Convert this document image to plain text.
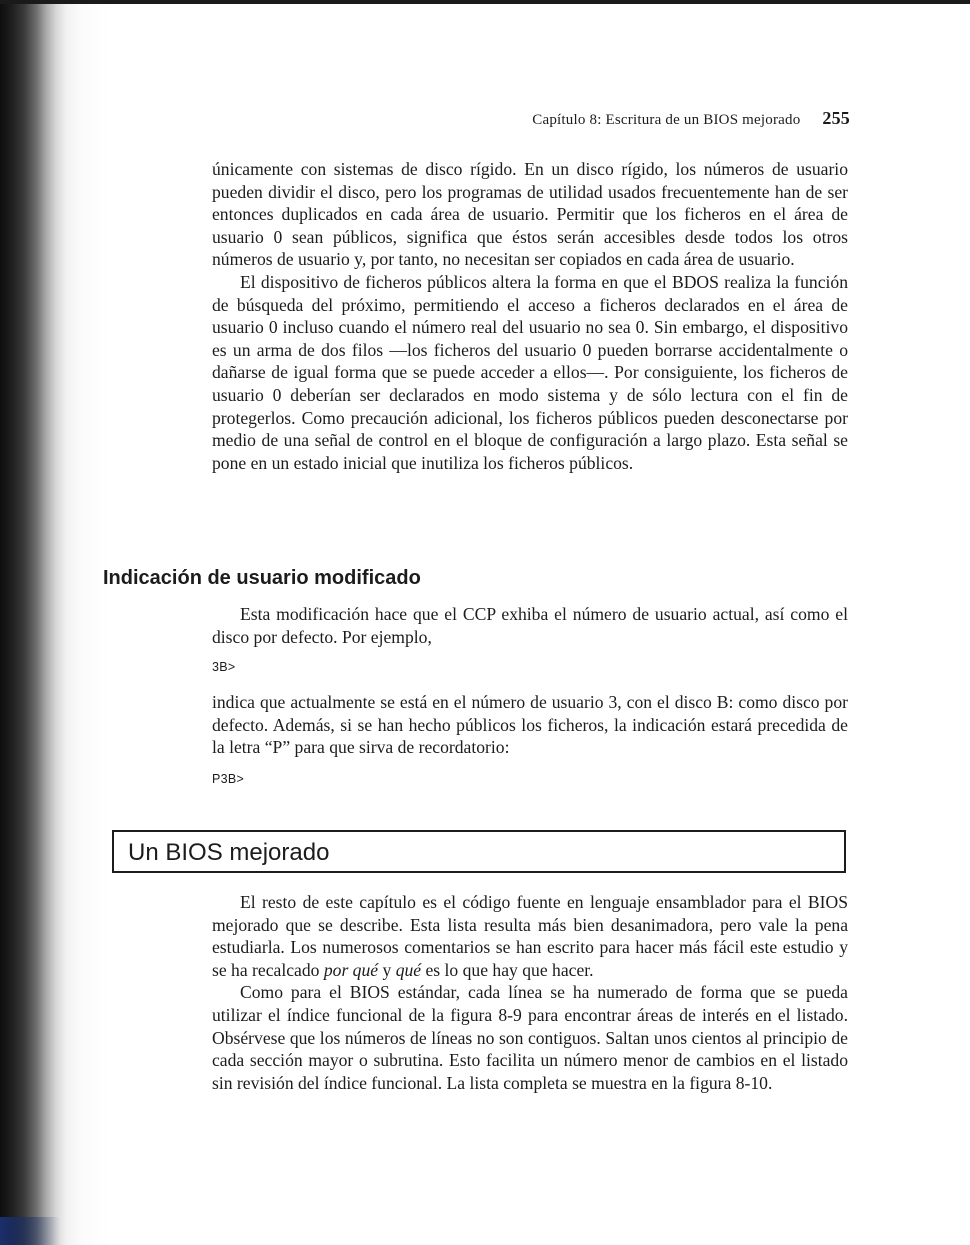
Capítulo 8: Escritura de un BIOS mejorado 255

únicamente con sistemas de disco rígido. En un disco rígido, los números de usuario pueden dividir el disco, pero los programas de utilidad usados frecuentemente han de ser entonces duplicados en cada área de usuario. Permitir que los ficheros en el área de usuario 0 sean públicos, significa que éstos serán accesibles desde todos los otros números de usuario y, por tanto, no necesitan ser copiados en cada área de usuario.

El dispositivo de ficheros públicos altera la forma en que el BDOS realiza la función de búsqueda del próximo, permitiendo el acceso a ficheros declarados en el área de usuario 0 incluso cuando el número real del usuario no sea 0. Sin embargo, el dispositivo es un arma de dos filos —los ficheros del usuario 0 pueden borrarse accidentalmente o dañarse de igual forma que se puede acceder a ellos—. Por consiguiente, los ficheros de usuario 0 deberían ser declarados en modo sistema y de sólo lectura con el fin de protegerlos. Como precaución adicional, los ficheros públicos pueden desconectarse por medio de una señal de control en el bloque de configuración a largo plazo. Esta señal se pone en un estado inicial que inutiliza los ficheros públicos.

Indicación de usuario modificado

Esta modificación hace que el CCP exhiba el número de usuario actual, así como el disco por defecto. Por ejemplo,

3B>

indica que actualmente se está en el número de usuario 3, con el disco B: como disco por defecto. Además, si se han hecho públicos los ficheros, la indicación estará precedida de la letra “P” para que sirva de recordatorio:

P3B>
Un BIOS mejorado

El resto de este capítulo es el código fuente en lenguaje ensamblador para el BIOS mejorado que se describe. Esta lista resulta más bien desanimadora, pero vale la pena estudiarla. Los numerosos comentarios se han escrito para hacer más fácil este estudio y se ha recalcado por qué y qué es lo que hay que hacer.

Como para el BIOS estándar, cada línea se ha numerado de forma que se pueda utilizar el índice funcional de la figura 8-9 para encontrar áreas de interés en el listado. Obsérvese que los números de líneas no son contiguos. Saltan unos cientos al principio de cada sección mayor o subrutina. Esto facilita un número menor de cambios en el listado sin revisión del índice funcional. La lista completa se muestra en la figura 8-10.
